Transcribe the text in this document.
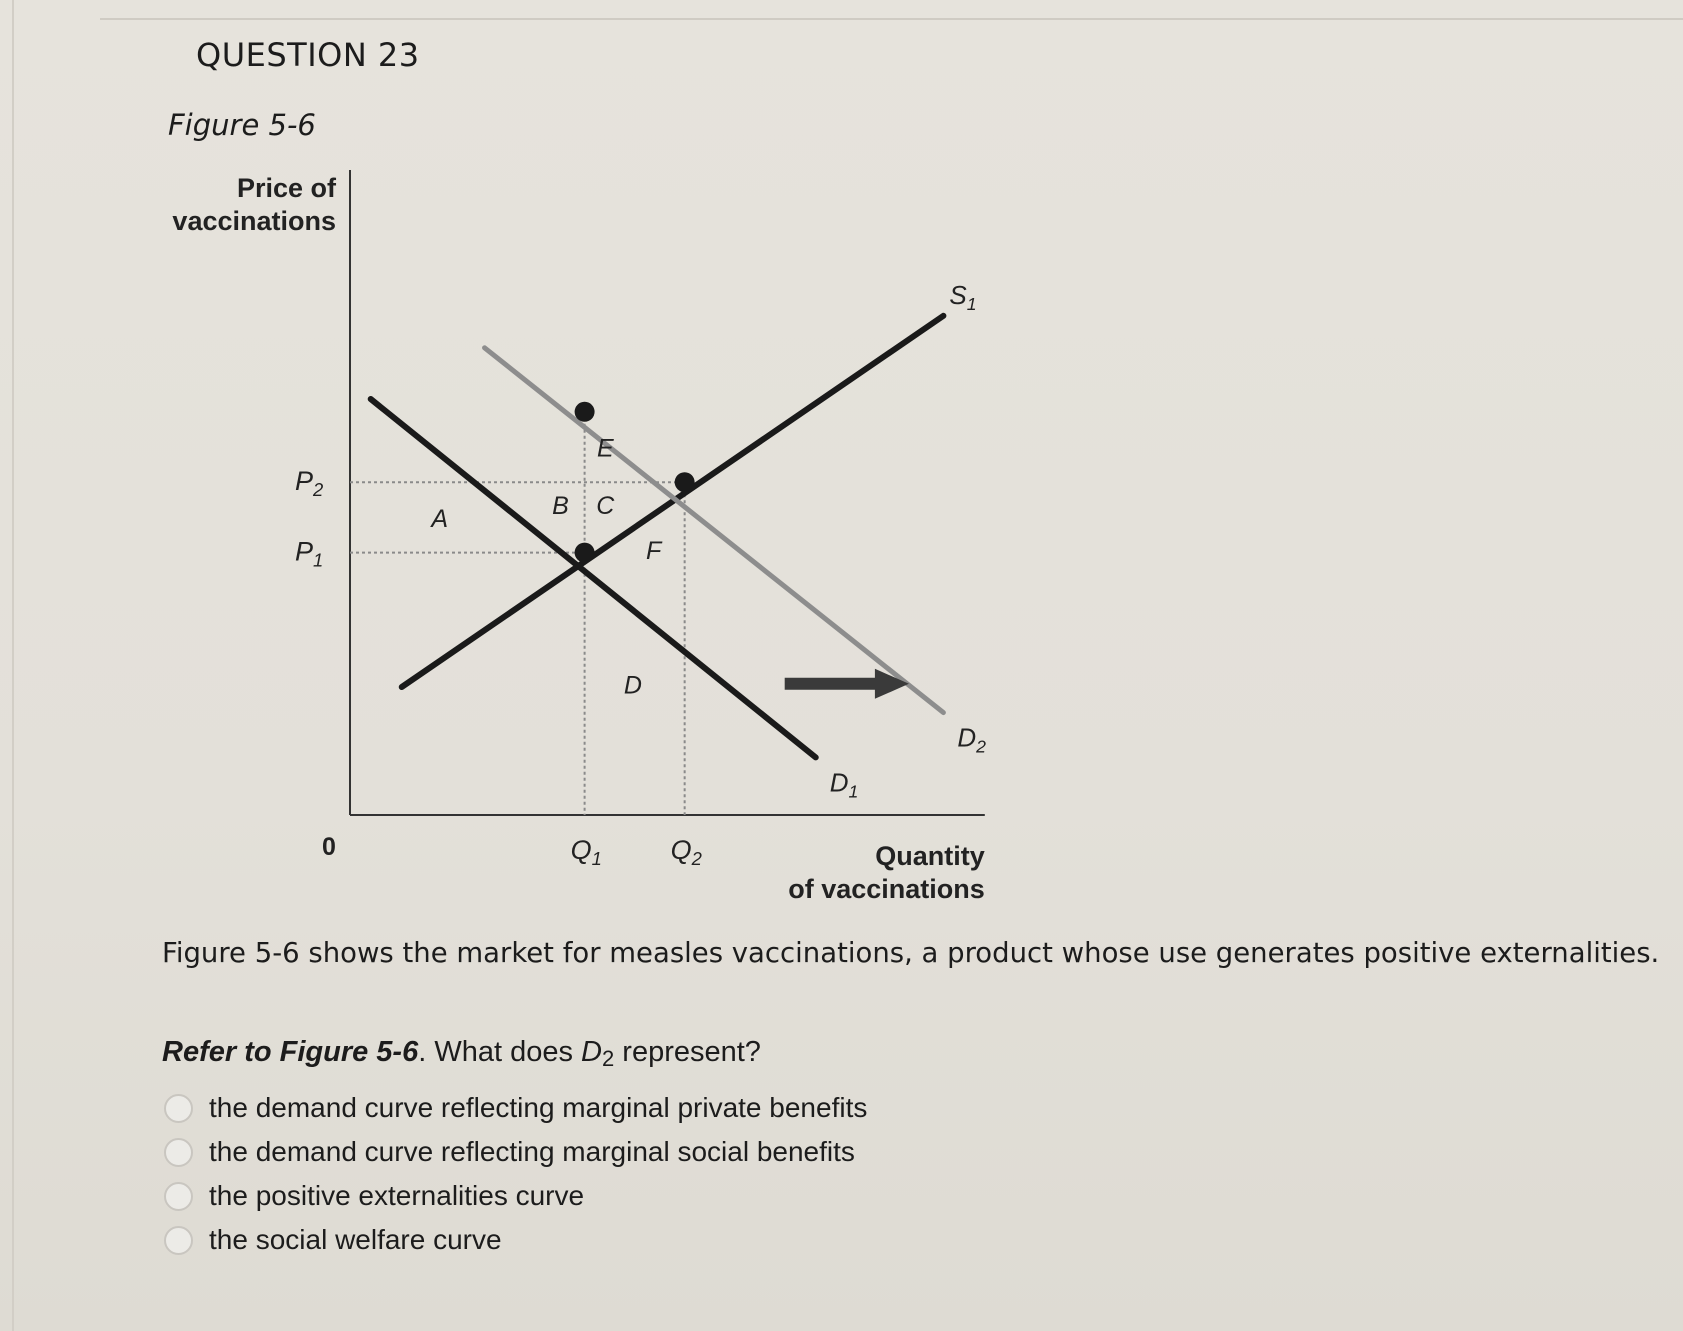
QUESTION 23
Figure 5-6
Price of
vaccinations
Quantity
of vaccinations
0
$P_2$
$P_1$
$Q_1$	$Q_2$
$S_1$
$D_1$
$D_2$
A	B C
E
F
D
Figure 5-6 shows the market for measles vaccinations, a product whose use generates positive externalities.
Refer to Figure 5-6. What does $D_2$ represent?
the demand curve reflecting marginal private benefits
the demand curve reflecting marginal social benefits
the positive externalities curve
the social welfare curve
